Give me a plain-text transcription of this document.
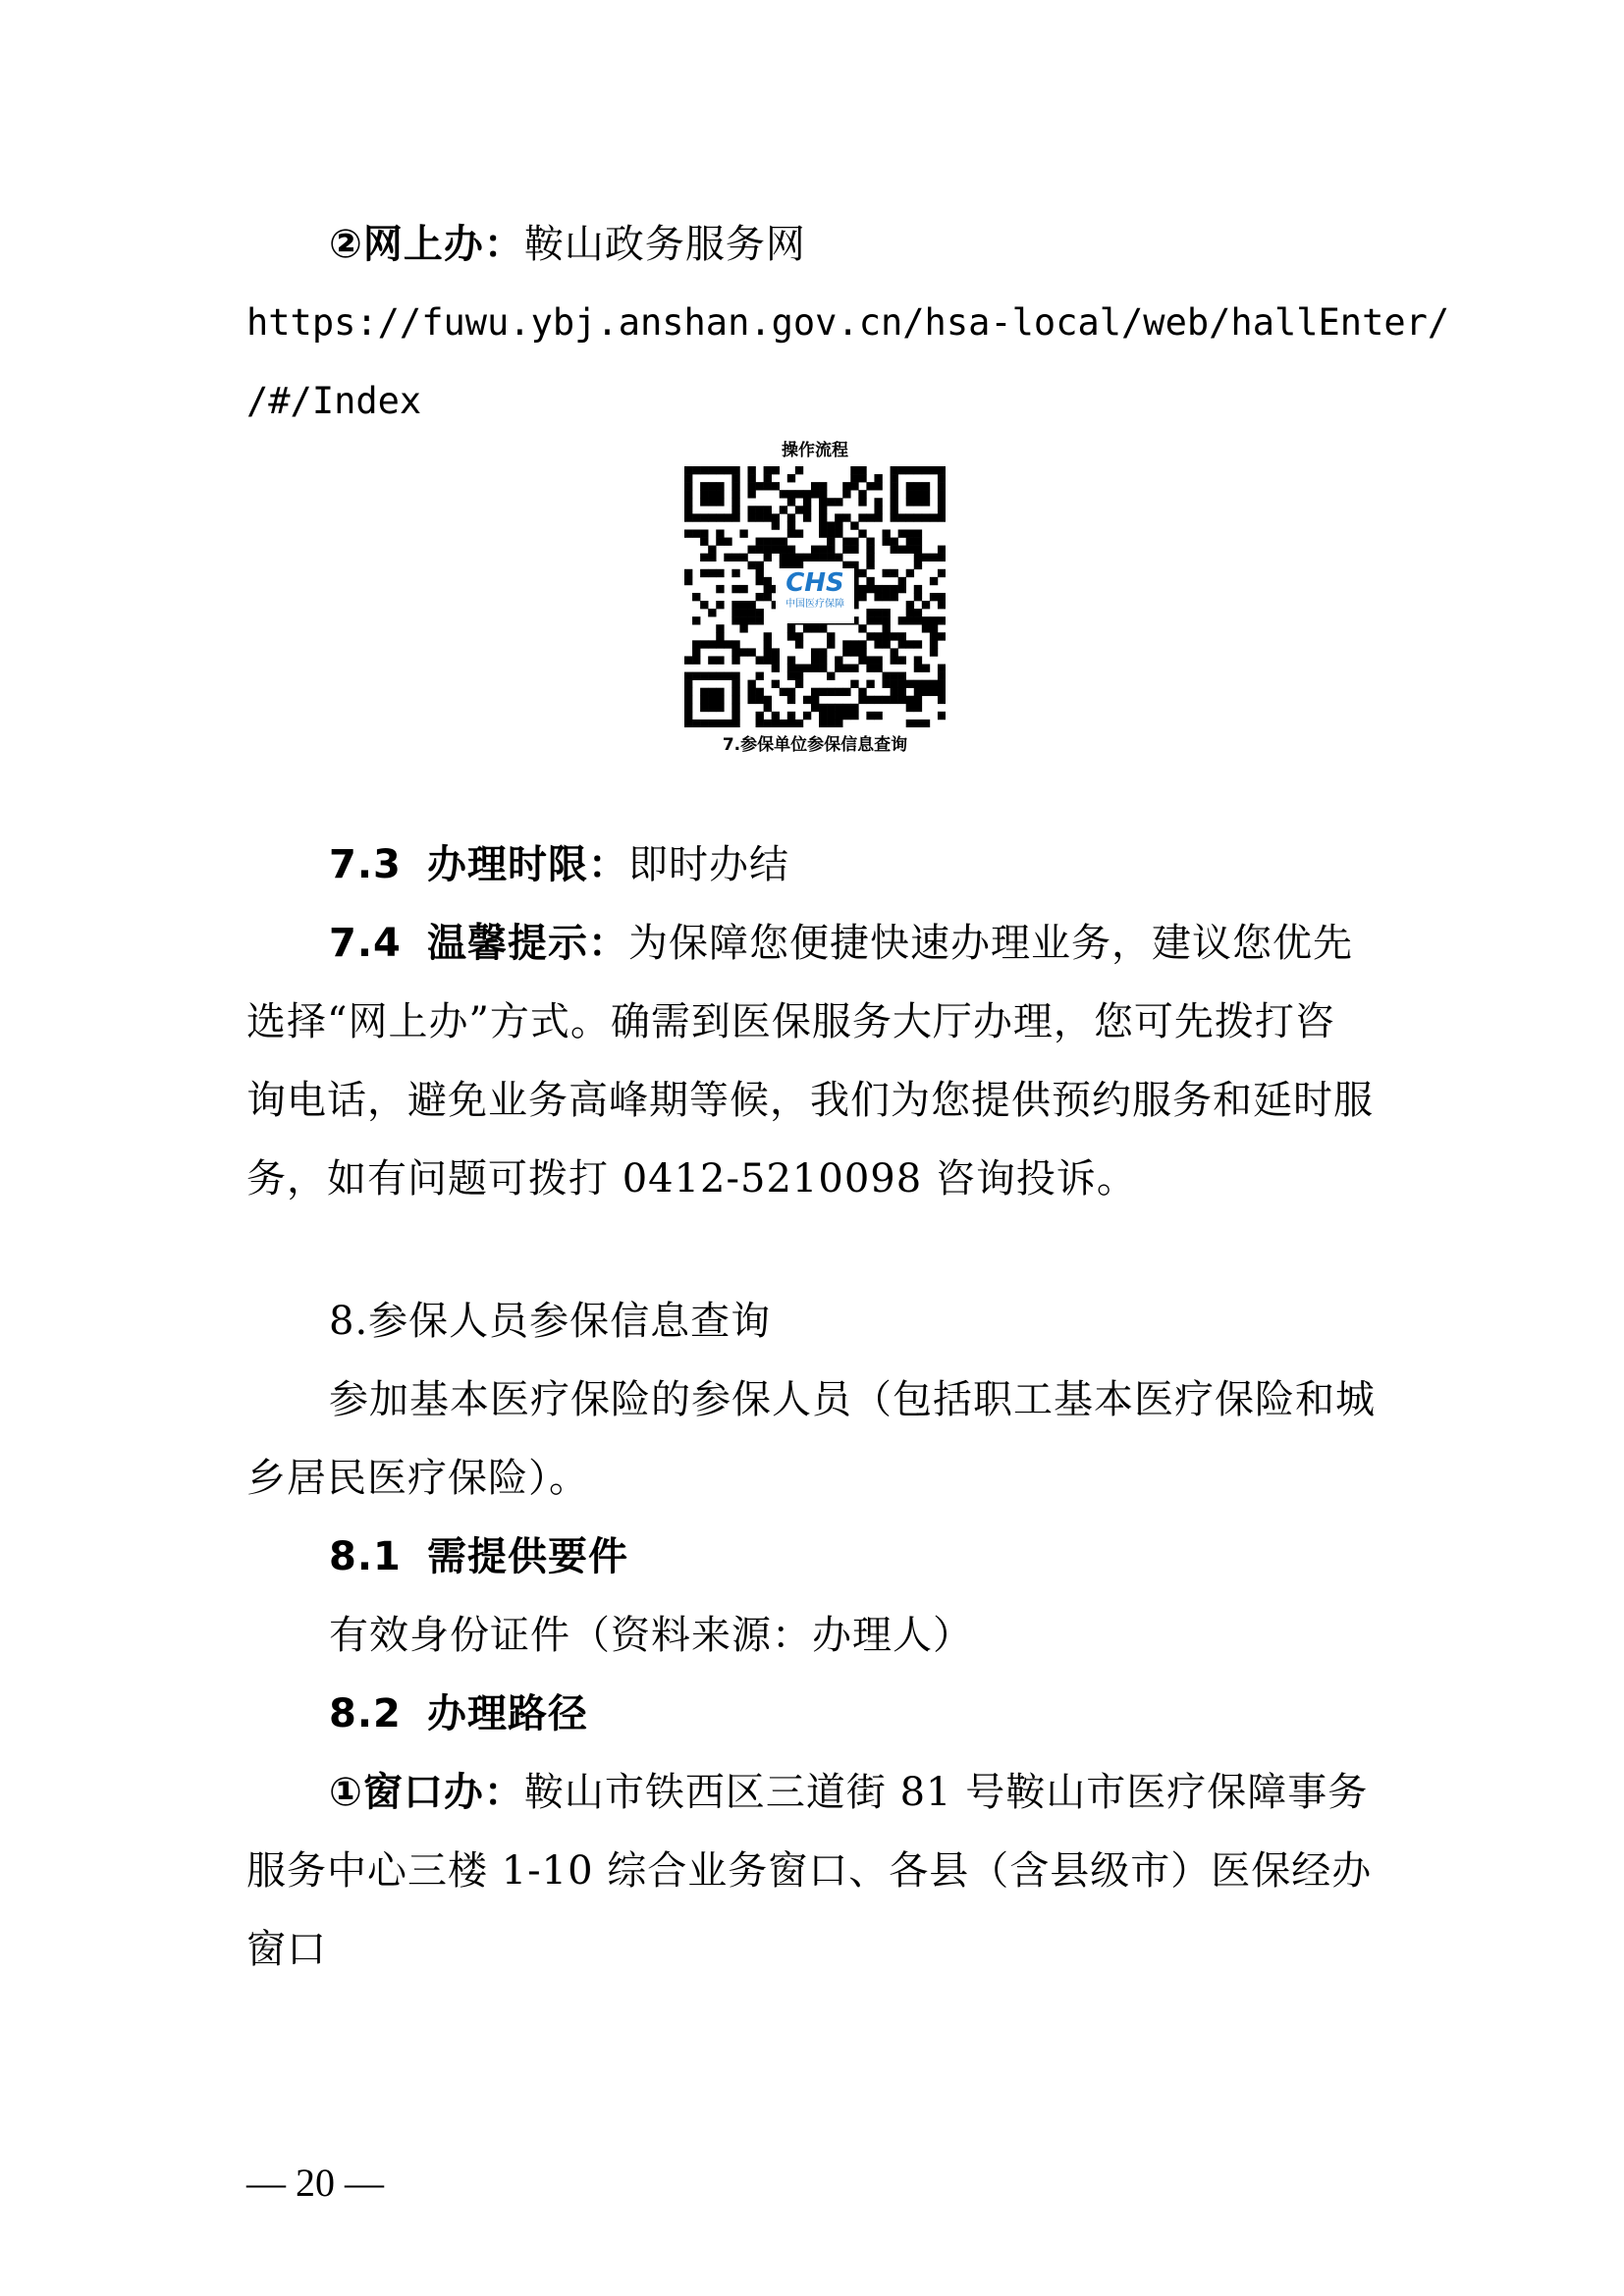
②网上办：鞍山政务服务网
https://fuwu.ybj.anshan.gov.cn/hsa-local/web/hallEnter/
/#/Index
操作流程
CHS
中国医疗保障
7.参保单位参保信息查询
7.3 办理时限：即时办结
7.4 温馨提示：为保障您便捷快速办理业务，建议您优先
选择“网上办”方式。确需到医保服务大厅办理，您可先拨打咨
询电话，避免业务高峰期等候，我们为您提供预约服务和延时服
务，如有问题可拨打 0412-5210098 咨询投诉。
8.参保人员参保信息查询
参加基本医疗保险的参保人员（包括职工基本医疗保险和城
乡居民医疗保险）。
8.1 需提供要件
有效身份证件（资料来源：办理人）
8.2 办理路径
①窗口办：鞍山市铁西区三道街 81 号鞍山市医疗保障事务
服务中心三楼 1-10 综合业务窗口、各县（含县级市）医保经办
窗口
— 20 —
